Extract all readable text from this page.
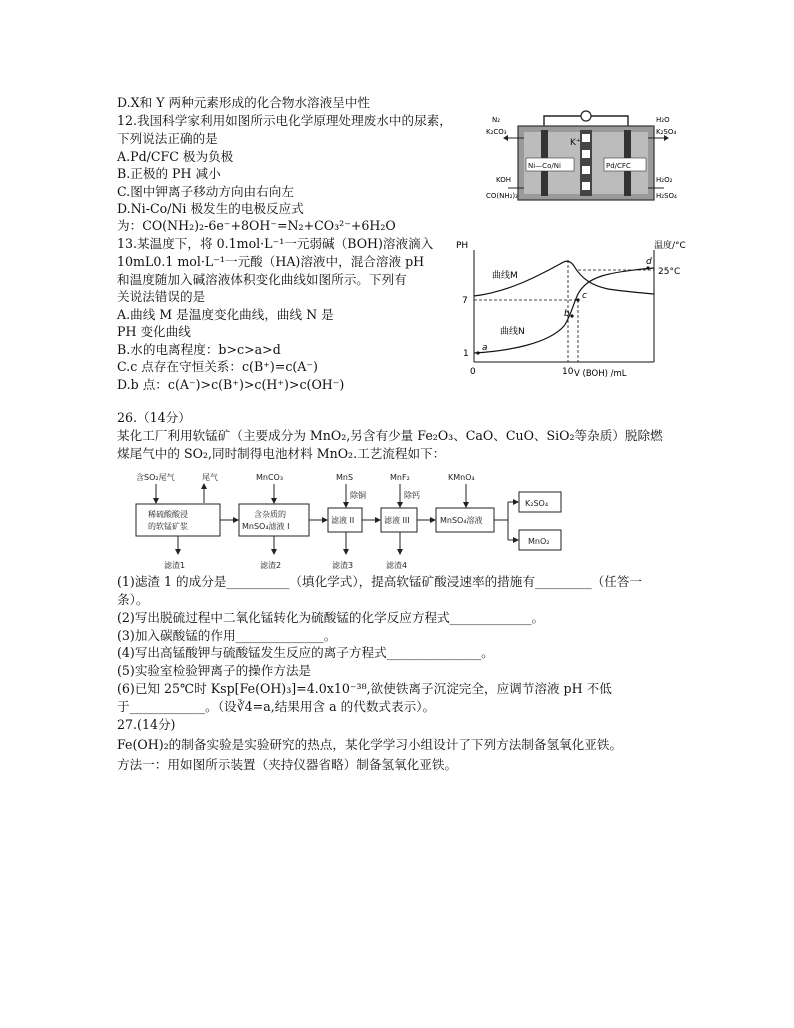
D.X和 Y 两种元素形成的化合物水溶液呈中性
12.我国科学家利用如图所示电化学原理处理废水中的尿素，
下列说法正确的是
A.Pd/CFC 极为负极
B.正极的 PH 减小
C.图中钾离子移动方向由右向左
D.Ni-Co/Ni 极发生的电极反应式
为：CO(NH₂)₂-6e⁻+8OH⁻=N₂+CO₃²⁻+6H₂O
K⁺
Ni—Co/Ni	Pd/CFC
N₂
K₂CO₃
H₂O
K₂SO₄
KOH
CO(NH₂)₂
H₂O₂
H₂SO₄
13.某温度下，将 0.1mol·L⁻¹一元弱碱（BOH)溶液滴入
10mL0.1 mol·L⁻¹一元酸（HA)溶液中，混合溶液 pH
和温度随加入碱溶液体积变化曲线如图所示。下列有
关说法错误的是
A.曲线 M 是温度变化曲线，曲线 N 是
PH 变化曲线
B.水的电离程度：b>c>a>d
C.c 点存在守恒关系：c(B⁺)=c(A⁻)
D.b 点：c(A⁻)>c(B⁺)>c(H⁺)>c(OH⁻)
PH	温度/°C
25°C
V (BOH) /mL
7
1
0	10
曲线M
曲线N
a
b
c
d
26.（14分）
某化工厂利用软锰矿（主要成分为 MnO₂,另含有少量 Fe₂O₃、CaO、CuO、SiO₂等杂质）脱除燃
煤尾气中的 SO₂,同时制得电池材料 MnO₂.工艺流程如下：
稀硫酸酸浸
的软锰矿浆
含SO₂尾气	尾气
滤渣1
含杂质的
MnSO₄滤液 I
MnCO₃
滤渣2
滤液 II
MnS
除铜
滤渣3
滤液 III
MnF₂
除钙
滤渣4
MnSO₄溶液
KMnO₄
K₂SO₄
MnO₂
(1)滤渣 1 的成分是__________（填化学式），提高软锰矿酸浸速率的措施有_________（任答一
条）。
(2)写出脱硫过程中二氧化锰转化为硫酸锰的化学反应方程式_____________。
(3)加入碳酸锰的作用______________。
(4)写出高锰酸钾与硫酸锰发生反应的离子方程式_______________。
(5)实验室检验钾离子的操作方法是
(6)已知 25℃时 Ksp[Fe(OH)₃]=4.0x10⁻³⁸,欲使铁离子沉淀完全，应调节溶液 pH 不低
于____________。（设∛4=a,结果用含 a 的代数式表示）。
27.(14分)
Fe(OH)₂的制备实验是实验研究的热点，某化学学习小组设计了下列方法制备氢氧化亚铁。
方法一：用如图所示装置（夹持仪器省略）制备氢氧化亚铁。
